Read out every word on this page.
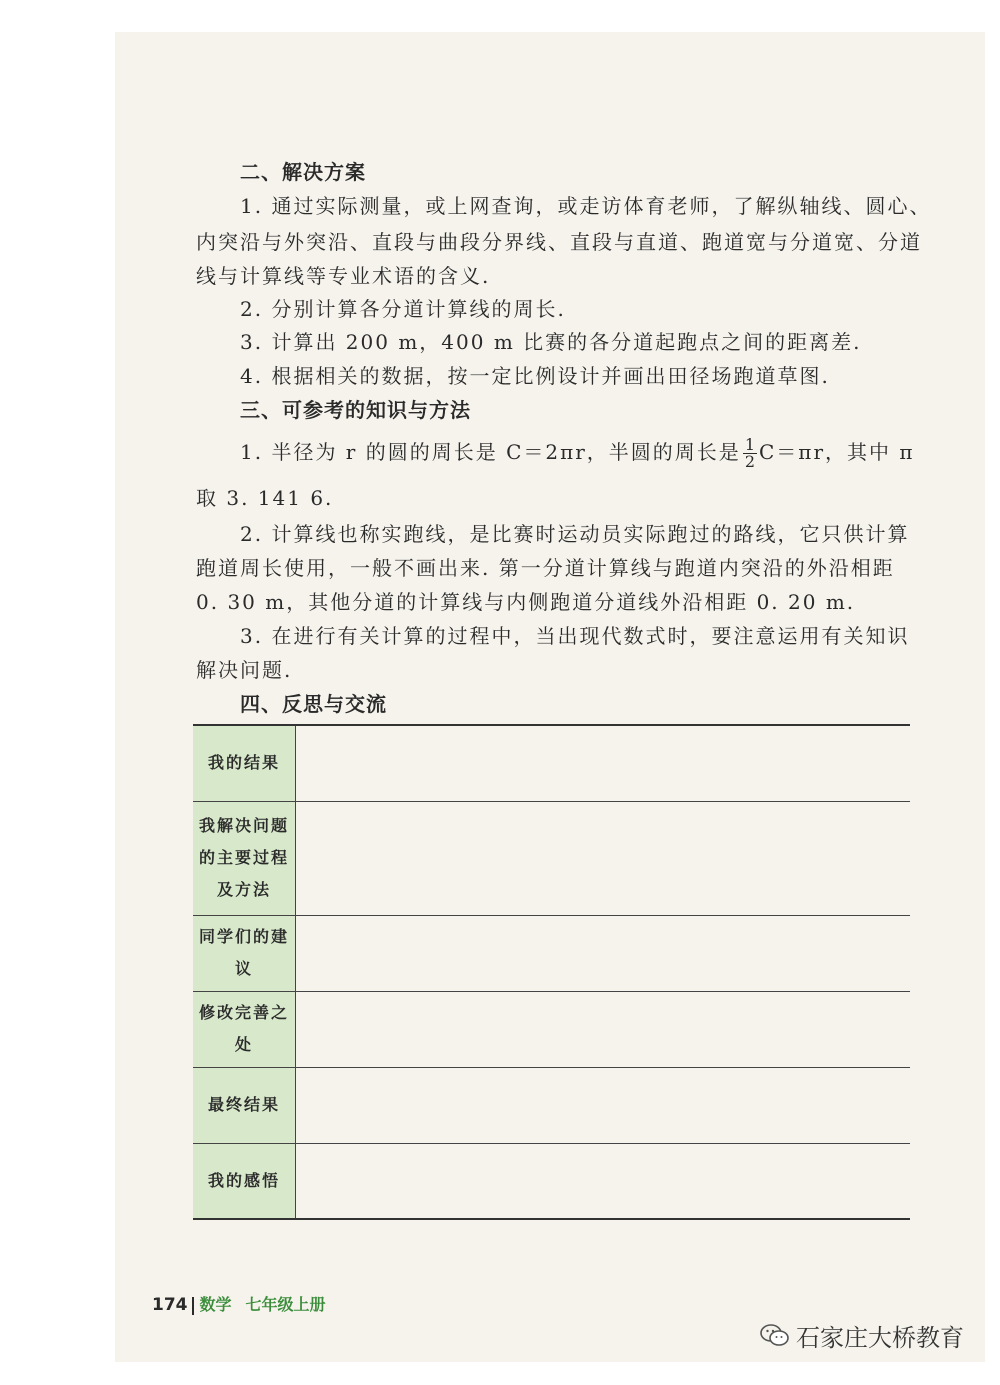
二、解决方案
1. 通过实际测量，或上网查询，或走访体育老师，了解纵轴线、圆心、
内突沿与外突沿、直段与曲段分界线、直段与直道、跑道宽与分道宽、分道
线与计算线等专业术语的含义.
2. 分别计算各分道计算线的周长.
3. 计算出 200 m，400 m 比赛的各分道起跑点之间的距离差.
4. 根据相关的数据，按一定比例设计并画出田径场跑道草图.
三、可参考的知识与方法
1. 半径为 r 的圆的周长是 C＝2πr，半圆的周长是 $\frac{1}{2} C=\pi r$，其中 π
取 3. 141 6.
2. 计算线也称实跑线，是比赛时运动员实际跑过的路线，它只供计算
跑道周长使用，一般不画出来. 第一分道计算线与跑道内突沿的外沿相距
0. 30 m，其他分道的计算线与内侧跑道分道线外沿相距 0. 20 m.
3. 在进行有关计算的过程中，当出现代数式时，要注意运用有关知识
解决问题.
四、反思与交流
我的结果	
我解决问题的主要过程及方法	
同学们的建议	
修改完善之处	
最终结果	
我的感悟	
174 数学 七年级上册
石家庄大桥教育
